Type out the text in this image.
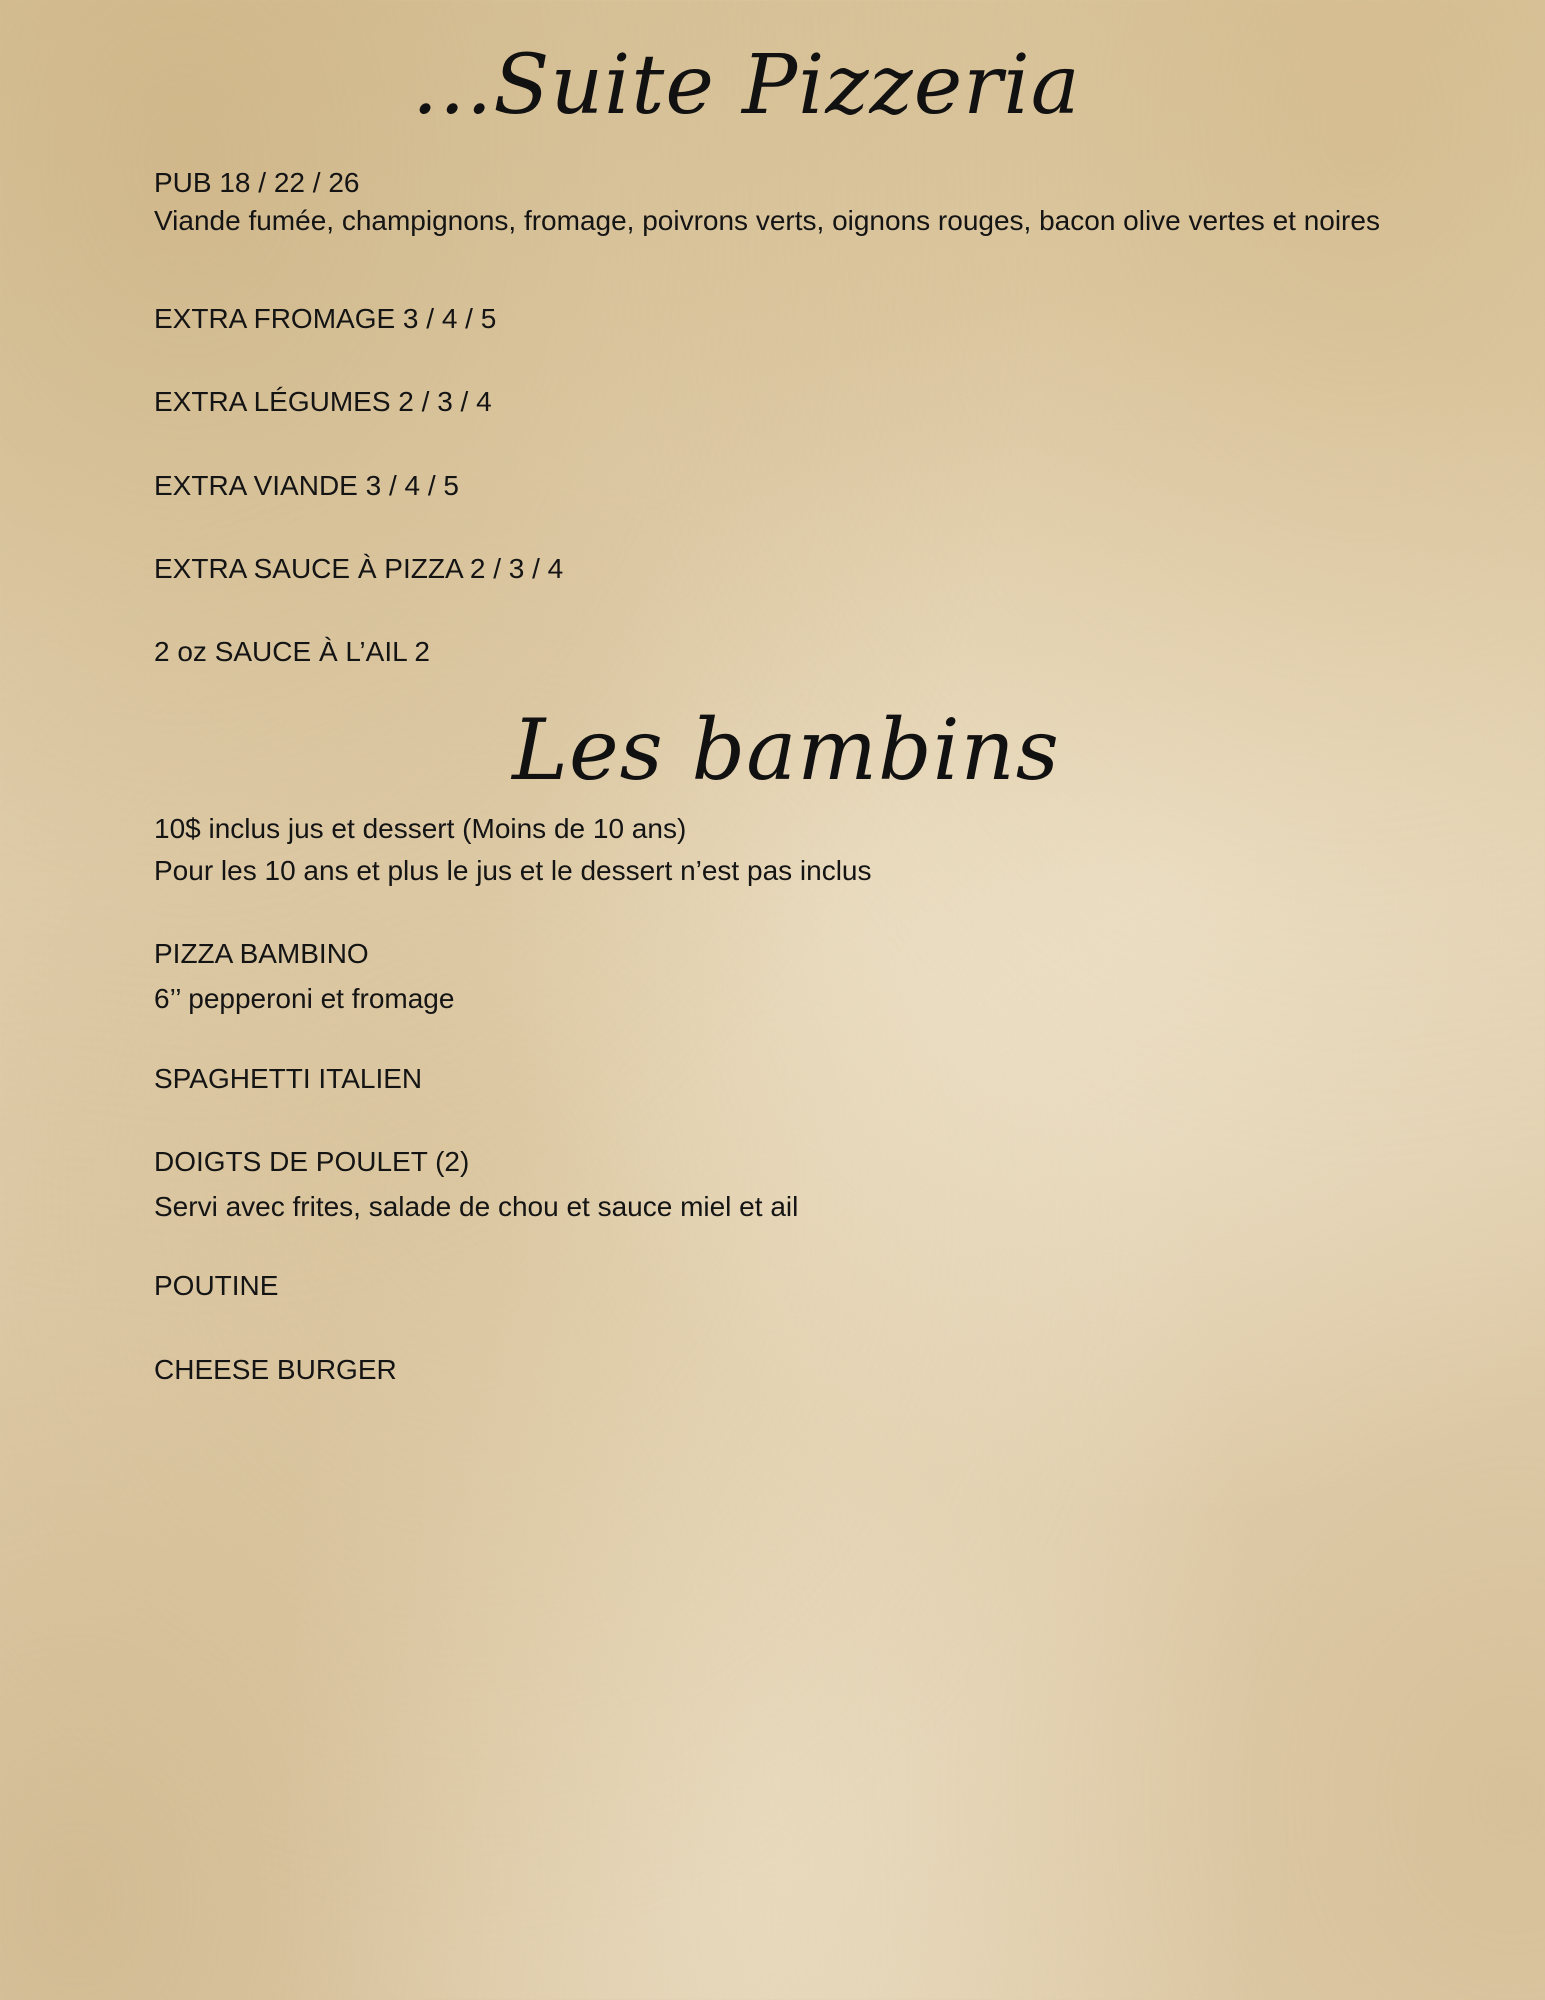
...Suite Pizzeria

PUB 18 / 22 / 26

Viande fumée, champignons, fromage, poivrons verts, oignons rouges, bacon olive vertes et noires

EXTRA FROMAGE 3 / 4 / 5

EXTRA LÉGUMES 2 / 3 / 4

EXTRA VIANDE 3 / 4 / 5

EXTRA SAUCE À PIZZA 2 / 3 / 4

2 oz SAUCE À L’AIL 2

Les bambins

10$ inclus jus et dessert (Moins de 10 ans)

Pour les 10 ans et plus le jus et le dessert n’est pas inclus

PIZZA BAMBINO

6’’ pepperoni et fromage

SPAGHETTI ITALIEN

DOIGTS DE POULET (2)

Servi avec frites, salade de chou et sauce miel et ail

POUTINE

CHEESE BURGER
